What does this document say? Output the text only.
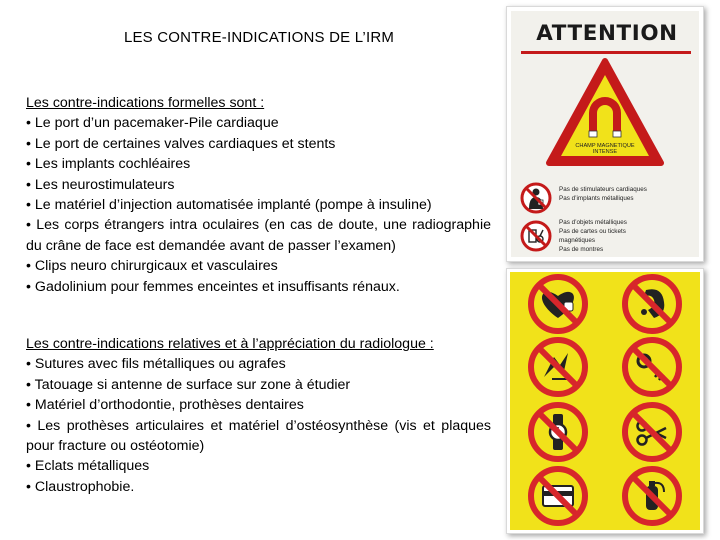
LES CONTRE-INDICATIONS DE L’IRM
Les contre-indications formelles sont :
• Le port d’un pacemaker-Pile cardiaque
• Le port de certaines valves cardiaques et stents
• Les implants cochléaires
• Les neurostimulateurs
• Le matériel d’injection automatisée implanté (pompe à insuline)
• Les corps étrangers intra oculaires (en cas de doute, une radiographie du crâne de face est demandée avant de passer l’examen)
• Clips neuro chirurgicaux et vasculaires
• Gadolinium pour femmes enceintes et insuffisants rénaux.
Les contre-indications relatives et à l’appréciation du radiologue :
• Sutures avec fils métalliques ou agrafes
• Tatouage si antenne de surface sur zone à étudier
• Matériel d’orthodontie, prothèses dentaires
• Les prothèses articulaires et matériel d’ostéosynthèse (vis et plaques pour fracture ou ostéotomie)
• Eclats métalliques
• Claustrophobie.
ATTENTION
CHAMP MAGNETIQUE
INTENSE
Pas de stimulateurs cardiaques
Pas d’implants métalliques
Pas d’objets métalliques
Pas de cartes ou tickets
magnétiques
Pas de montres
